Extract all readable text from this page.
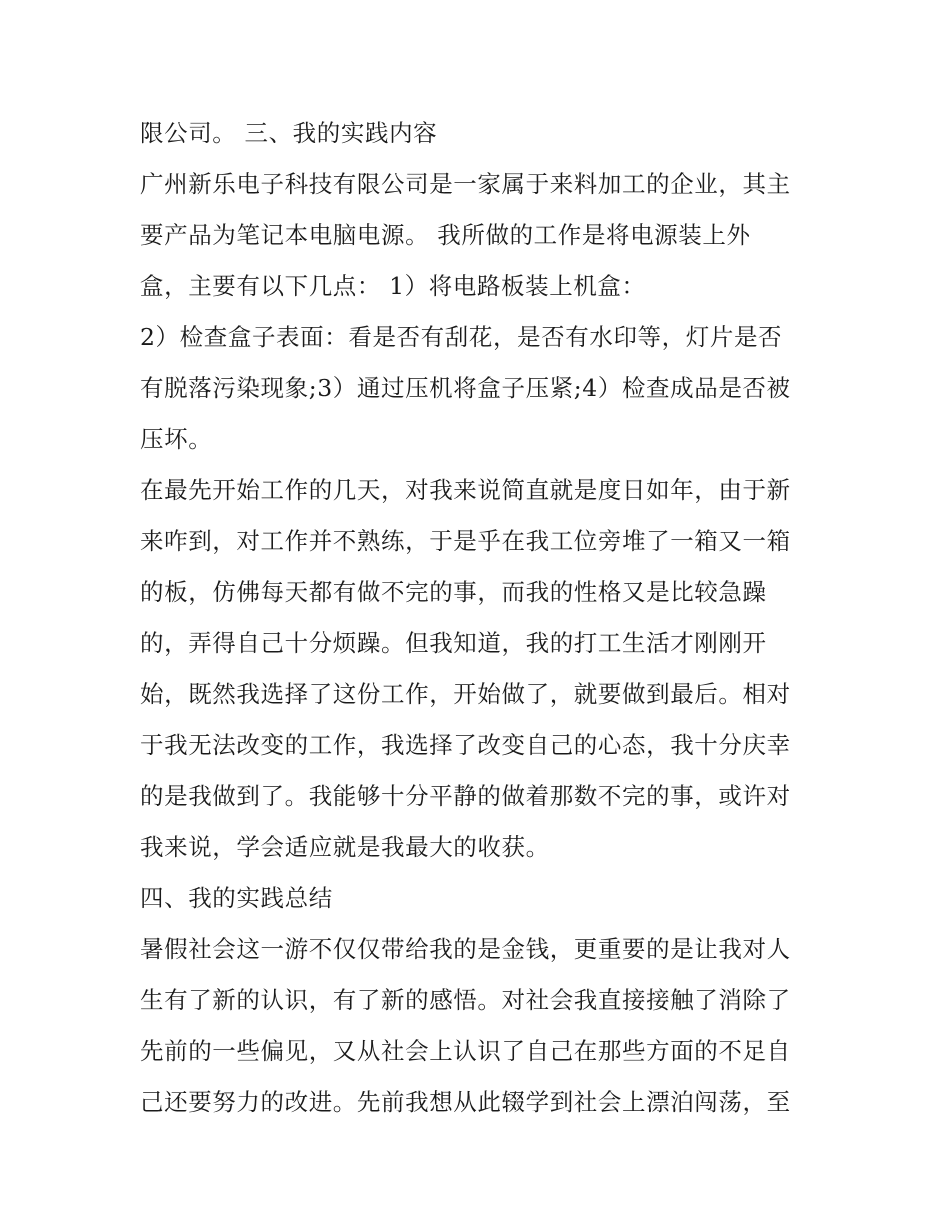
限公司。 三、我的实践内容
广州新乐电子科技有限公司是一家属于来料加工的企业，其主
要产品为笔记本电脑电源。 我所做的工作是将电源装上外
盒，主要有以下几点： 1）将电路板装上机盒：
2）检查盒子表面：看是否有刮花，是否有水印等，灯片是否
有脱落污染现象;3）通过压机将盒子压紧;4）检查成品是否被
压坏。
在最先开始工作的几天，对我来说简直就是度日如年，由于新
来咋到，对工作并不熟练，于是乎在我工位旁堆了一箱又一箱
的板，仿佛每天都有做不完的事，而我的性格又是比较急躁
的，弄得自己十分烦躁。但我知道，我的打工生活才刚刚开
始，既然我选择了这份工作，开始做了，就要做到最后。相对
于我无法改变的工作，我选择了改变自己的心态，我十分庆幸
的是我做到了。我能够十分平静的做着那数不完的事，或许对
我来说，学会适应就是我最大的收获。
四、我的实践总结
暑假社会这一游不仅仅带给我的是金钱，更重要的是让我对人
生有了新的认识，有了新的感悟。对社会我直接接触了消除了
先前的一些偏见，又从社会上认识了自己在那些方面的不足自
己还要努力的改进。先前我想从此辍学到社会上漂泊闯荡，至
